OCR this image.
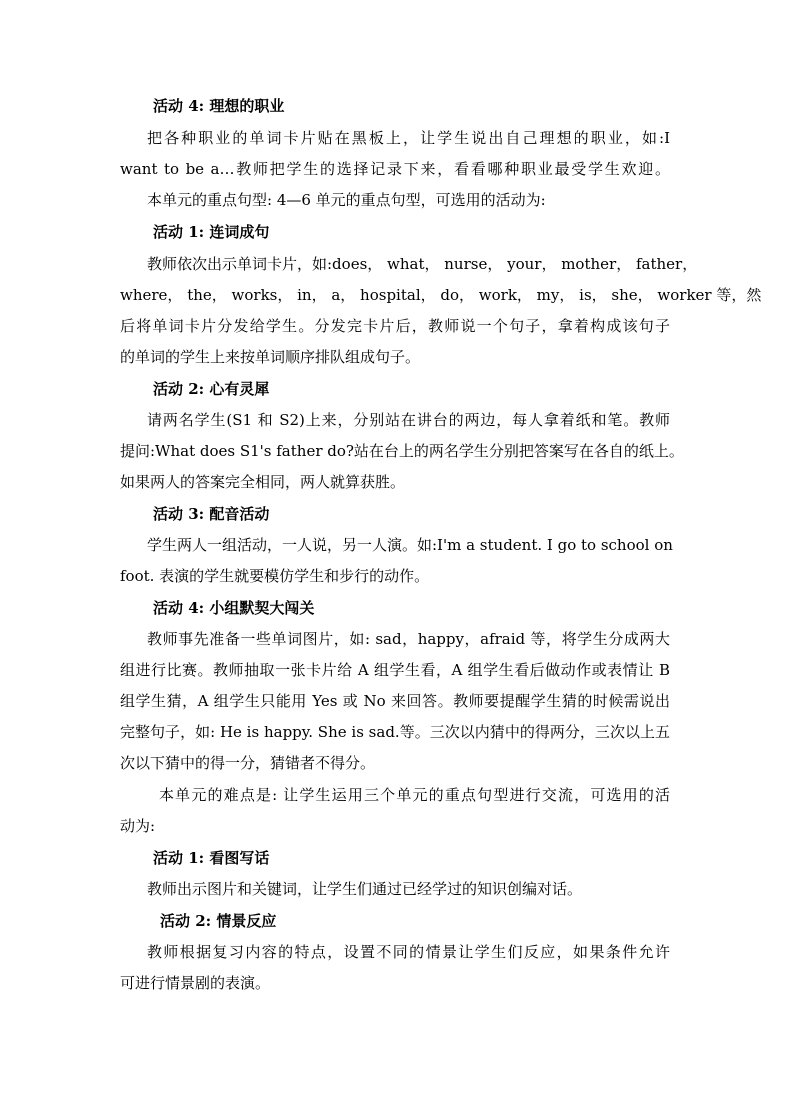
活动 4: 理想的职业
把各种职业的单词卡片贴在黑板上，让学生说出自己理想的职业，如:I
want to be a…教师把学生的选择记录下来，看看哪种职业最受学生欢迎。
本单元的重点句型: 4—6 单元的重点句型，可选用的活动为:
活动 1: 连词成句
教师依次出示单词卡片，如:does， what， nurse， your， mother， father，
where， the， works， in， a， hospital， do， work， my， is， she， worker 等，然
后将单词卡片分发给学生。分发完卡片后，教师说一个句子，拿着构成该句子
的单词的学生上来按单词顺序排队组成句子。
活动 2: 心有灵犀
请两名学生(S1 和 S2)上来，分别站在讲台的两边，每人拿着纸和笔。教师
提问:What does S1's father do?站在台上的两名学生分别把答案写在各自的纸上。
如果两人的答案完全相同，两人就算获胜。
活动 3: 配音活动
学生两人一组活动，一人说，另一人演。如:I'm a student. I go to school on
foot. 表演的学生就要模仿学生和步行的动作。
活动 4: 小组默契大闯关
教师事先准备一些单词图片，如: sad，happy，afraid 等，将学生分成两大
组进行比赛。教师抽取一张卡片给 A 组学生看，A 组学生看后做动作或表情让 B
组学生猜，A 组学生只能用 Yes 或 No 来回答。教师要提醒学生猜的时候需说出
完整句子，如: He is happy. She is sad.等。三次以内猜中的得两分，三次以上五
次以下猜中的得一分，猜错者不得分。
本单元的难点是: 让学生运用三个单元的重点句型进行交流，可选用的活
动为:
活动 1: 看图写话
教师出示图片和关键词，让学生们通过已经学过的知识创编对话。
活动 2: 情景反应
教师根据复习内容的特点，设置不同的情景让学生们反应，如果条件允许
可进行情景剧的表演。
